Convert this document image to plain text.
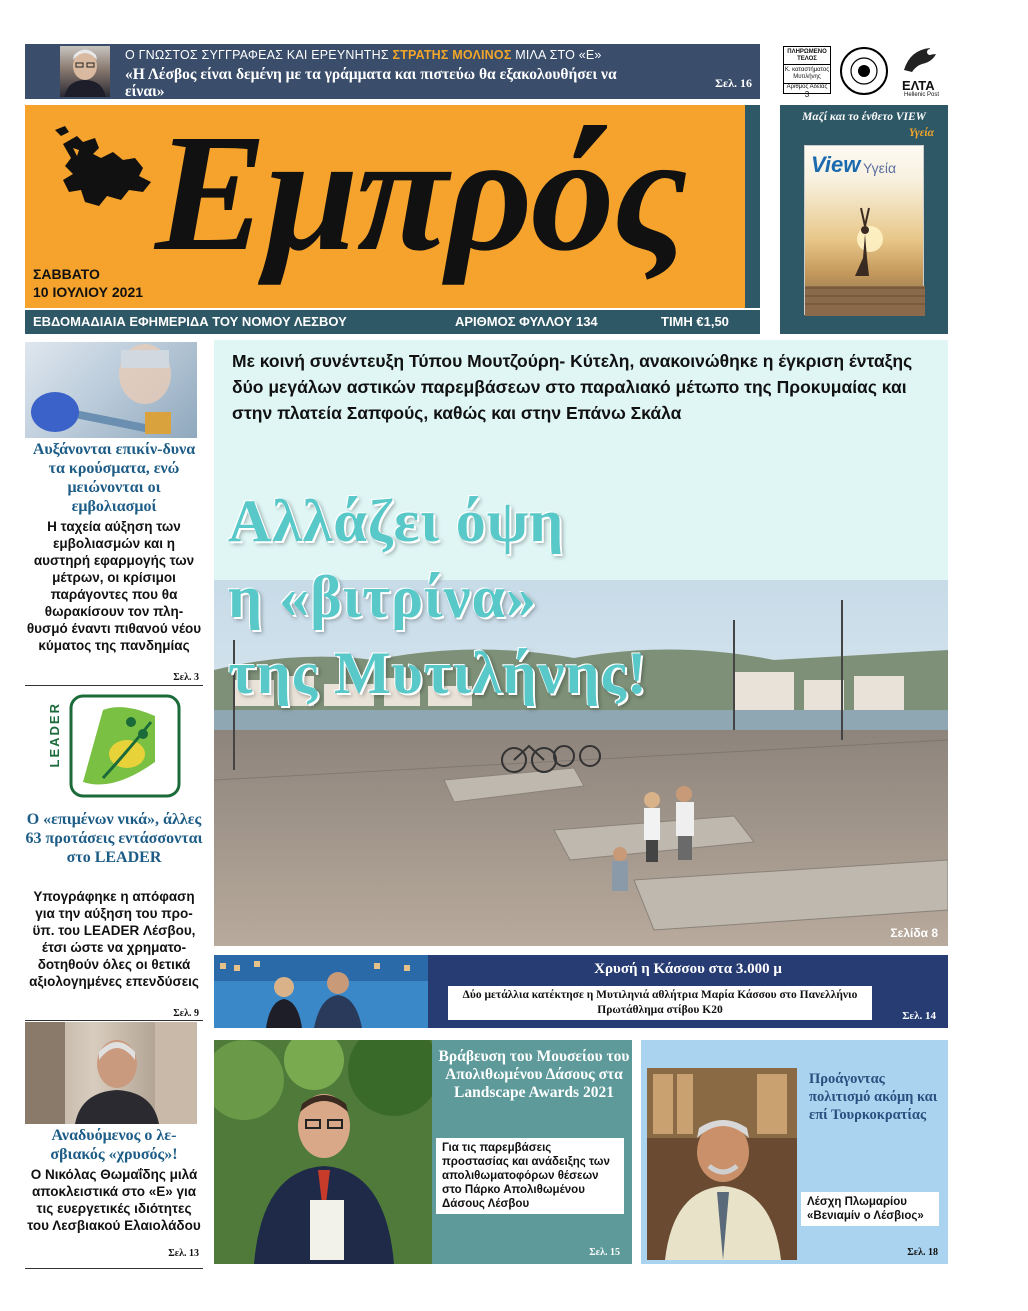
Ο ΓΝΩΣΤΟΣ ΣΥΓΓΡΑΦΕΑΣ ΚΑΙ ΕΡΕΥΝΗΤΗΣ ΣΤΡΑΤΗΣ ΜΟΛΙΝΟΣ ΜΙΛΑ ΣΤΟ «Ε»
«Η Λέσβος είναι δεμένη με τα γράμματα και πιστεύω θα εξακολουθήσει να είναι»	Σελ. 16
ΠΛΗΡΩΜΕΝΟ ΤΕΛΟΣ
Κ. καταστήματος Μυτιλήνης
Αριθμός Αδείας
3
ΕΛΤΑ
Hellenic Post
Εμπρός
ΣΑΒΒΑΤΟ
10 ΙΟΥΛΙΟΥ 2021
ΕΒΔΟΜΑΔΙΑΙΑ ΕΦΗΜΕΡΙΔΑ ΤΟΥ ΝΟΜΟΥ ΛΕΣΒΟΥ	ΑΡΙΘΜΟΣ ΦΥΛΛΟΥ 134	ΤΙΜΗ €1,50
Μαζί και το ένθετο VIEW
Υγεία
View Υγεία
Αυξάνονται επικίν-δυνα τα κρούσματα, ενώ μειώνονται οι εμβολιασμοί
Η ταχεία αύξηση των εμβολιασμών και η αυστηρή εφαρμογής των μέτρων, οι κρίσιμοι παράγοντες που θα θωρακίσουν τον πλη-θυσμό έναντι πιθανού νέου κύματος της πανδημίας
Σελ. 3
LEADER
Ο «επιμένων νικά», άλλες 63 προτάσεις εντάσσονται στο LEADER
Υπογράφηκε η απόφαση για την αύξηση του προ-ϋπ. του LEADER Λέσβου, έτσι ώστε να χρηματο-δοτηθούν όλες οι θετικά αξιολογημένες επενδύσεις
Σελ. 9
Αναδυόμενος ο λε-σβιακός «χρυσός»!
Ο Νικόλας Θωμαΐδης μιλά αποκλειστικά στο «Ε» για τις ευεργετικές ιδιότητες του Λεσβιακού Ελαιολάδου
Σελ. 13
Με κοινή συνέντευξη Τύπου Μουτζούρη- Κύτελη, ανακοινώθηκε η έγκριση ένταξης δύο μεγάλων αστικών παρεμβάσεων στο παραλιακό μέτωπο της Προκυμαίας και στην πλατεία Σαπφούς, καθώς και στην Επάνω Σκάλα
Αλλάζει όψη
η «βιτρίνα»
της Μυτιλήνης!
Σελίδα 8
Χρυσή η Κάσσου στα 3.000 μ
Δύο μετάλλια κατέκτησε η Μυτιληνιά αθλήτρια Μαρία Κάσσου στο Πανελλήνιο Πρωτάθλημα στίβου Κ20	Σελ. 14
Βράβευση του Μουσείου του Απολιθωμένου Δάσους στα Landscape Awards 2021
Για τις παρεμβάσεις προστασίας και ανάδειξης των απολιθωματοφόρων θέσεων στο Πάρκο Απολιθωμένου Δάσους Λέσβου
Σελ. 15
Προάγοντας πολιτισμό ακόμη και επί Τουρκοκρατίας
Λέσχη Πλωμαρίου «Βενιαμίν ο Λέσβιος»
Σελ. 18
